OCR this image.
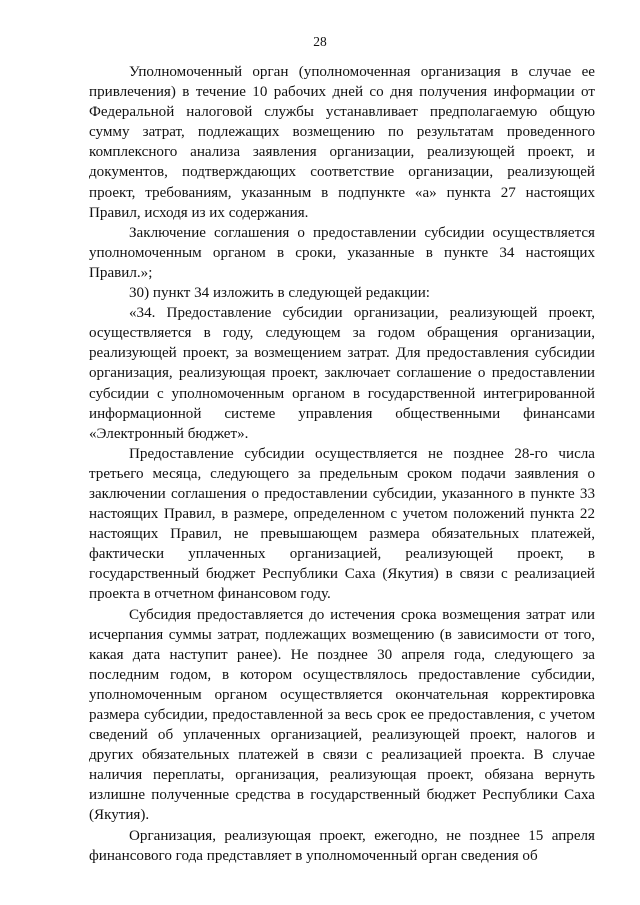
28

Уполномоченный орган (уполномоченная организация в случае ее привлечения) в течение 10 рабочих дней со дня получения информации от Федеральной налоговой службы устанавливает предполагаемую общую сумму затрат, подлежащих возмещению по результатам проведенного комплексного анализа заявления организации, реализующей проект, и документов, подтверждающих соответствие организации, реализующей проект, требованиям, указанным в подпункте «а» пункта 27 настоящих Правил, исходя из их содержания.

Заключение соглашения о предоставлении субсидии осуществляется уполномоченным органом в сроки, указанные в пункте 34 настоящих Правил.»;

30) пункт 34 изложить в следующей редакции:

«34. Предоставление субсидии организации, реализующей проект, осуществляется в году, следующем за годом обращения организации, реализующей проект, за возмещением затрат. Для предоставления субсидии организация, реализующая проект, заключает соглашение о предоставлении субсидии с уполномоченным органом в государственной интегрированной информационной системе управления общественными финансами «Электронный бюджет».

Предоставление субсидии осуществляется не позднее 28-го числа третьего месяца, следующего за предельным сроком подачи заявления о заключении соглашения о предоставлении субсидии, указанного в пункте 33 настоящих Правил, в размере, определенном с учетом положений пункта 22 настоящих Правил, не превышающем размера обязательных платежей, фактически уплаченных организацией, реализующей проект, в государственный бюджет Республики Саха (Якутия) в связи с реализацией проекта в отчетном финансовом году.

Субсидия предоставляется до истечения срока возмещения затрат или исчерпания суммы затрат, подлежащих возмещению (в зависимости от того, какая дата наступит ранее). Не позднее 30 апреля года, следующего за последним годом, в котором осуществлялось предоставление субсидии, уполномоченным органом осуществляется окончательная корректировка размера субсидии, предоставленной за весь срок ее предоставления, с учетом сведений об уплаченных организацией, реализующей проект, налогов и других обязательных платежей в связи с реализацией проекта. В случае наличия переплаты, организация, реализующая проект, обязана вернуть излишне полученные средства в государственный бюджет Республики Саха (Якутия).

Организация, реализующая проект, ежегодно, не позднее 15 апреля финансового года представляет в уполномоченный орган сведения об
